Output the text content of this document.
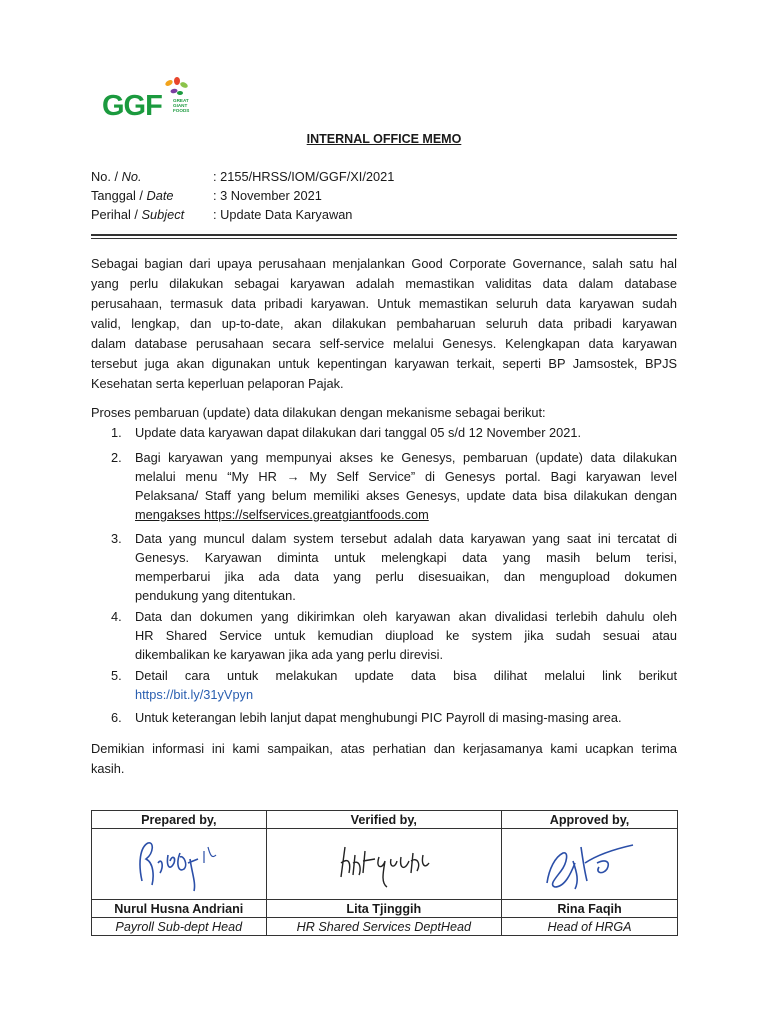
GGF GREAT
GIANT
FOODS
INTERNAL OFFICE MEMO
No. / No.	: 2155/HRSS/IOM/GGF/XI/2021
Tanggal / Date	: 3 November 2021
Perihal / Subject : Update Data Karyawan
Sebagai bagian dari upaya perusahaan menjalankan Good Corporate Governance, salah satu hal
yang perlu dilakukan sebagai karyawan adalah memastikan validitas data dalam database
perusahaan, termasuk data pribadi karyawan. Untuk memastikan seluruh data karyawan sudah
valid, lengkap, dan up-to-date, akan dilakukan pembaharuan seluruh data pribadi karyawan
dalam database perusahaan secara self-service melalui Genesys. Kelengkapan data karyawan
tersebut juga akan digunakan untuk kepentingan karyawan terkait, seperti BP Jamsostek, BPJS
Kesehatan serta keperluan pelaporan Pajak.
Proses pembaruan (update) data dilakukan dengan mekanisme sebagai berikut:
1. Update data karyawan dapat dilakukan dari tanggal 05 s/d 12 November 2021.
2. Bagi karyawan yang mempunyai akses ke Genesys, pembaruan (update) data dilakukan
melalui menu “My HR → My Self Service” di Genesys portal. Bagi karyawan level
Pelaksana/ Staff yang belum memiliki akses Genesys, update data bisa dilakukan dengan
mengakses https://selfservices.greatgiantfoods.com
3. Data yang muncul dalam system tersebut adalah data karyawan yang saat ini tercatat di
Genesys. Karyawan diminta untuk melengkapi data yang masih belum terisi,
memperbarui jika ada data yang perlu disesuaikan, dan mengupload dokumen
pendukung yang ditentukan.
4. Data dan dokumen yang dikirimkan oleh karyawan akan divalidasi terlebih dahulu oleh
HR Shared Service untuk kemudian diupload ke system jika sudah sesuai atau
dikembalikan ke karyawan jika ada yang perlu direvisi.
5. Detail cara untuk melakukan update data bisa dilihat melalui link berikut
https://bit.ly/31yVpyn
6. Untuk keterangan lebih lanjut dapat menghubungi PIC Payroll di masing-masing area.
Demikian informasi ini kami sampaikan, atas perhatian dan kerjasamanya kami ucapkan terima
kasih.
Prepared by,	Verified by,	Approved by,

Nurul Husna Andriani	Lita Tjinggih	Rina Faqih
Payroll Sub-dept Head	HR Shared Services DeptHead	Head of HRGA
